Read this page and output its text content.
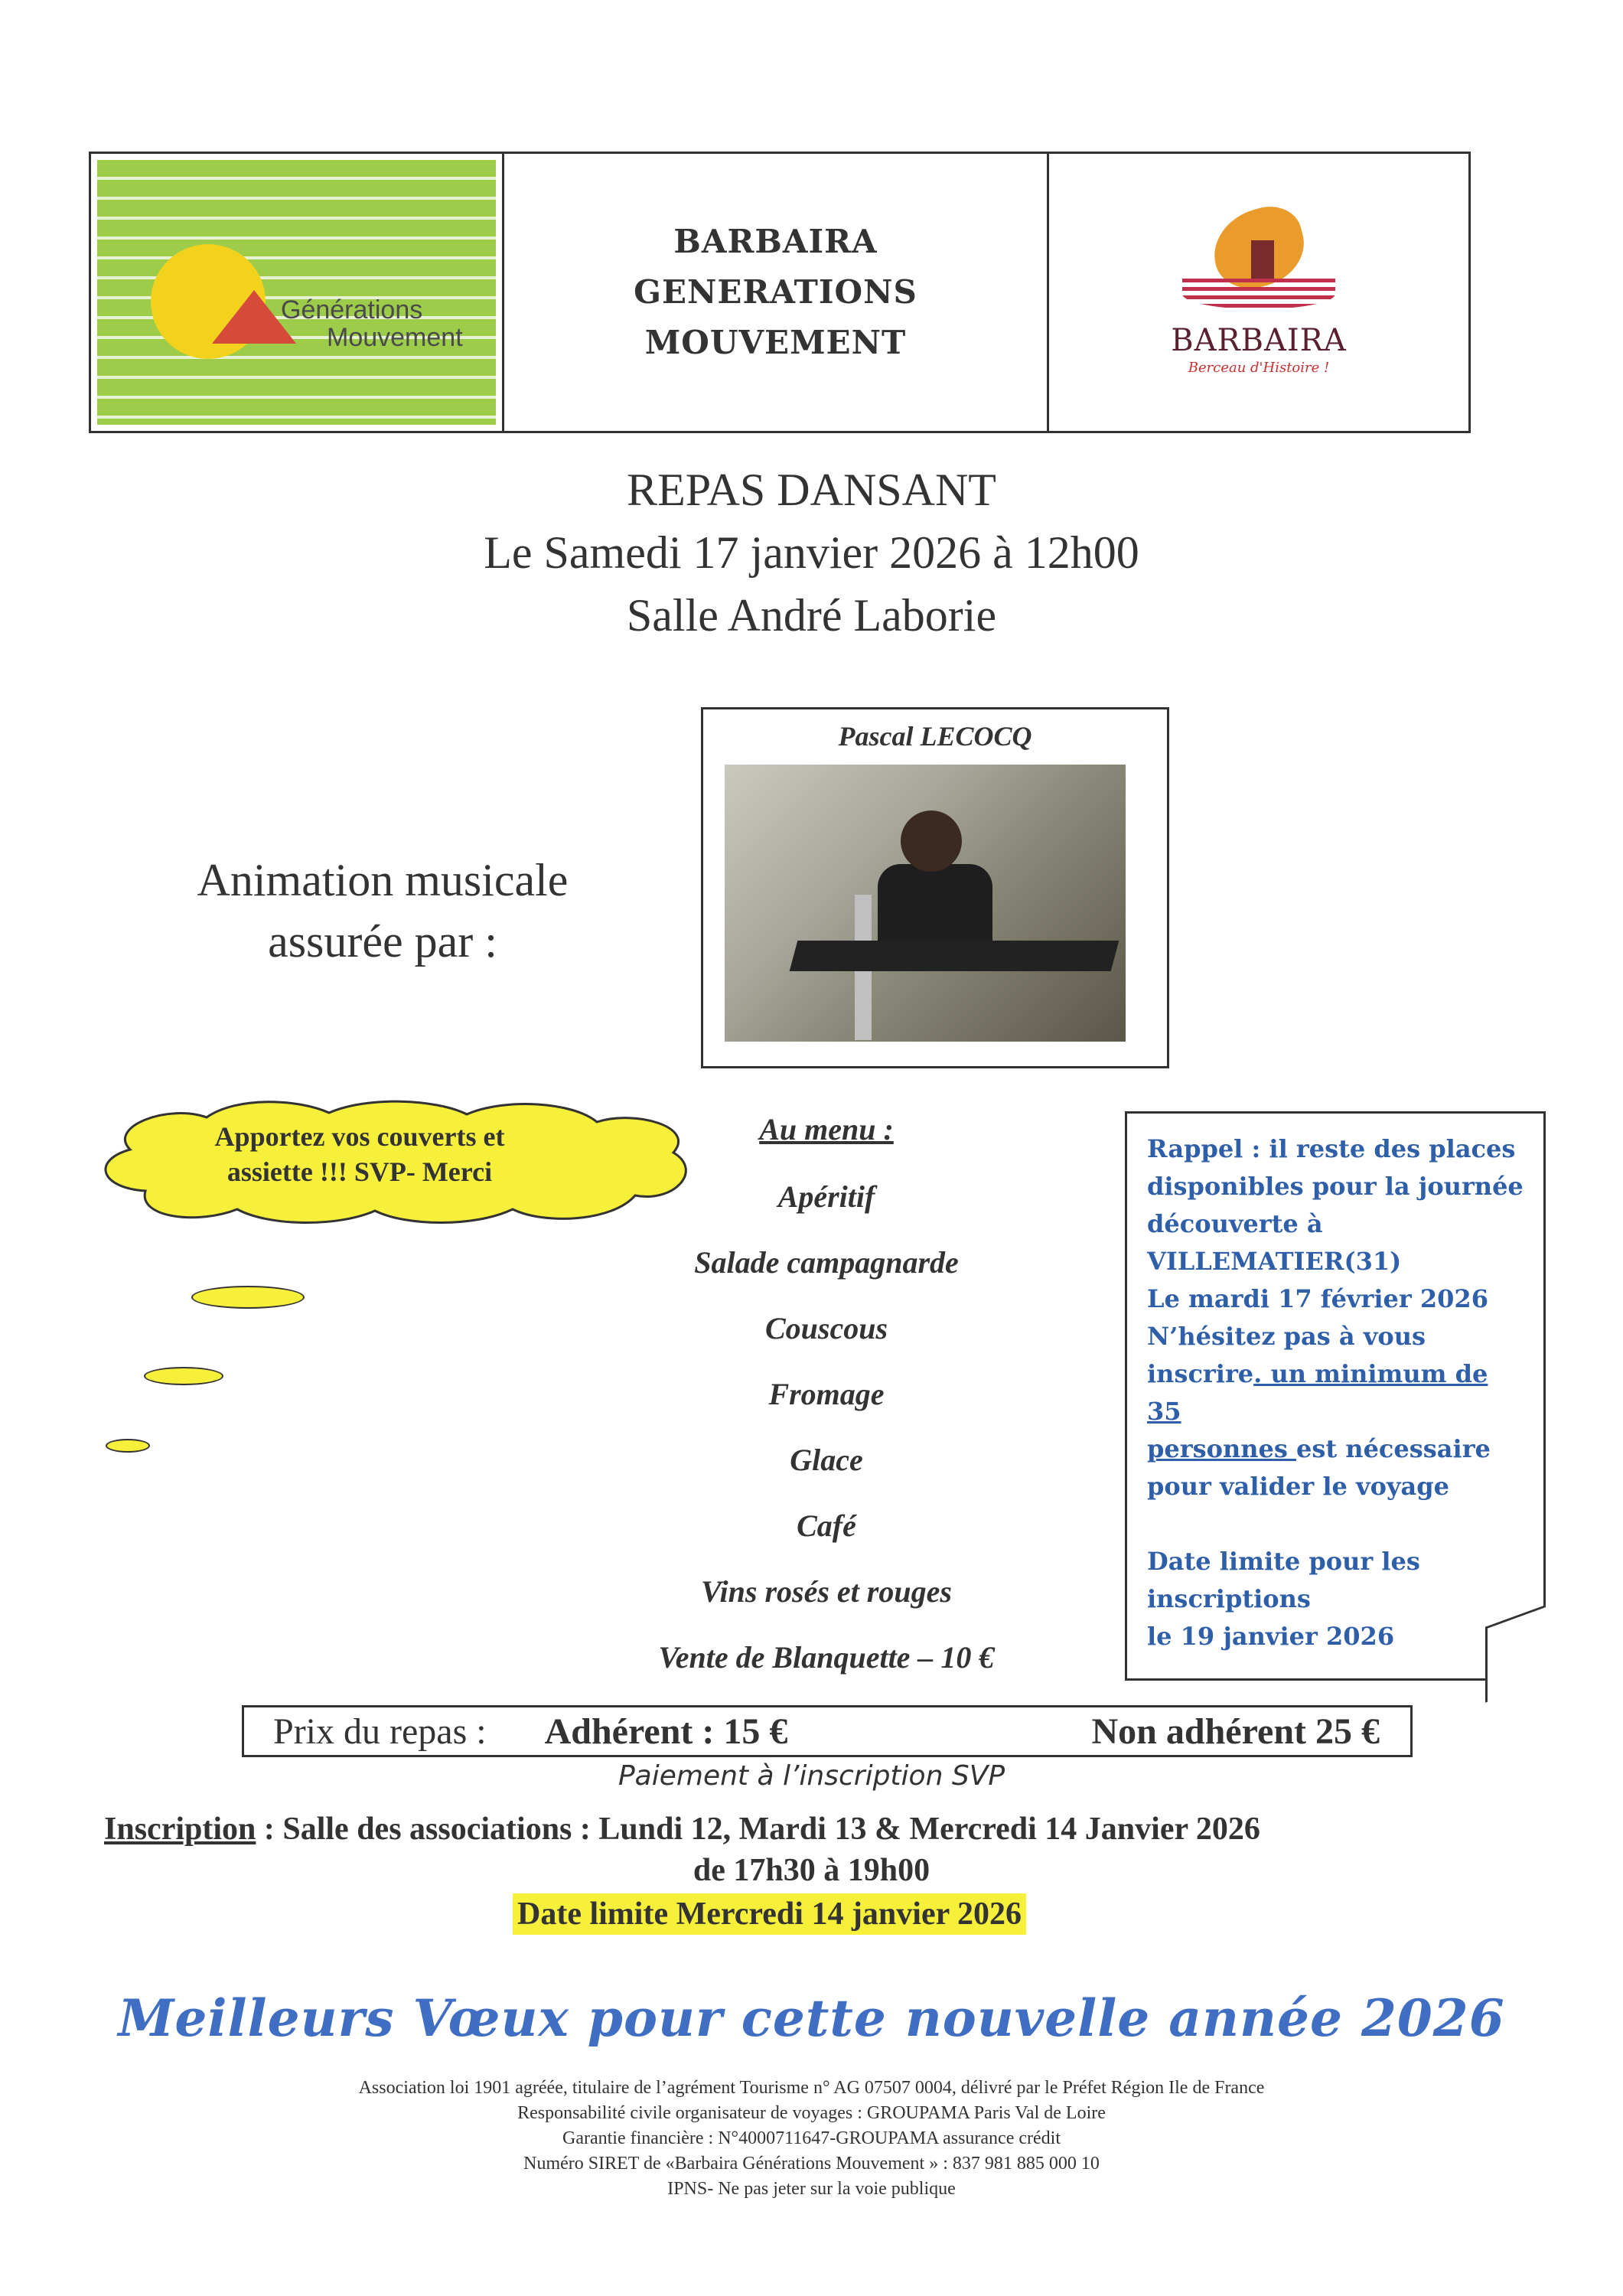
Générations
Mouvement
BARBAIRA
GENERATIONS
MOUVEMENT	BARBAIRA
Berceau d'Histoire !
REPAS DANSANT
Le Samedi 17 janvier 2026 à 12h00
Salle André Laborie
Animation musicale
assurée par :
Pascal LECOCQ
Apportez vos couverts et
assiette !!! SVP- Merci
Au menu :
Apéritif
Salade campagnarde
Couscous
Fromage
Glace
Café
Vins rosés et rouges
Vente de Blanquette – 10 €
Rappel : il reste des places
disponibles pour la journée
découverte à
VILLEMATIER(31)
Le mardi 17 février 2026
N’hésitez pas à vous
inscrire. un minimum de 35
personnes est nécessaire
pour valider le voyage
Date limite pour les
inscriptions
le 19 janvier 2026
Prix du repas : Adhérent : 15 €	Non adhérent 25 €
Paiement à l’inscription SVP
Inscription : Salle des associations : Lundi 12, Mardi 13 & Mercredi 14 Janvier 2026
de 17h30 à 19h00
Date limite Mercredi 14 janvier 2026
Meilleurs Vœux pour cette nouvelle année 2026
Association loi 1901 agréée, titulaire de l’agrément Tourisme n° AG 07507 0004, délivré par le Préfet Région Ile de France
Responsabilité civile organisateur de voyages : GROUPAMA Paris Val de Loire
Garantie financière : N°4000711647-GROUPAMA assurance crédit
Numéro SIRET de «Barbaira Générations Mouvement » : 837 981 885 000 10
IPNS- Ne pas jeter sur la voie publique
